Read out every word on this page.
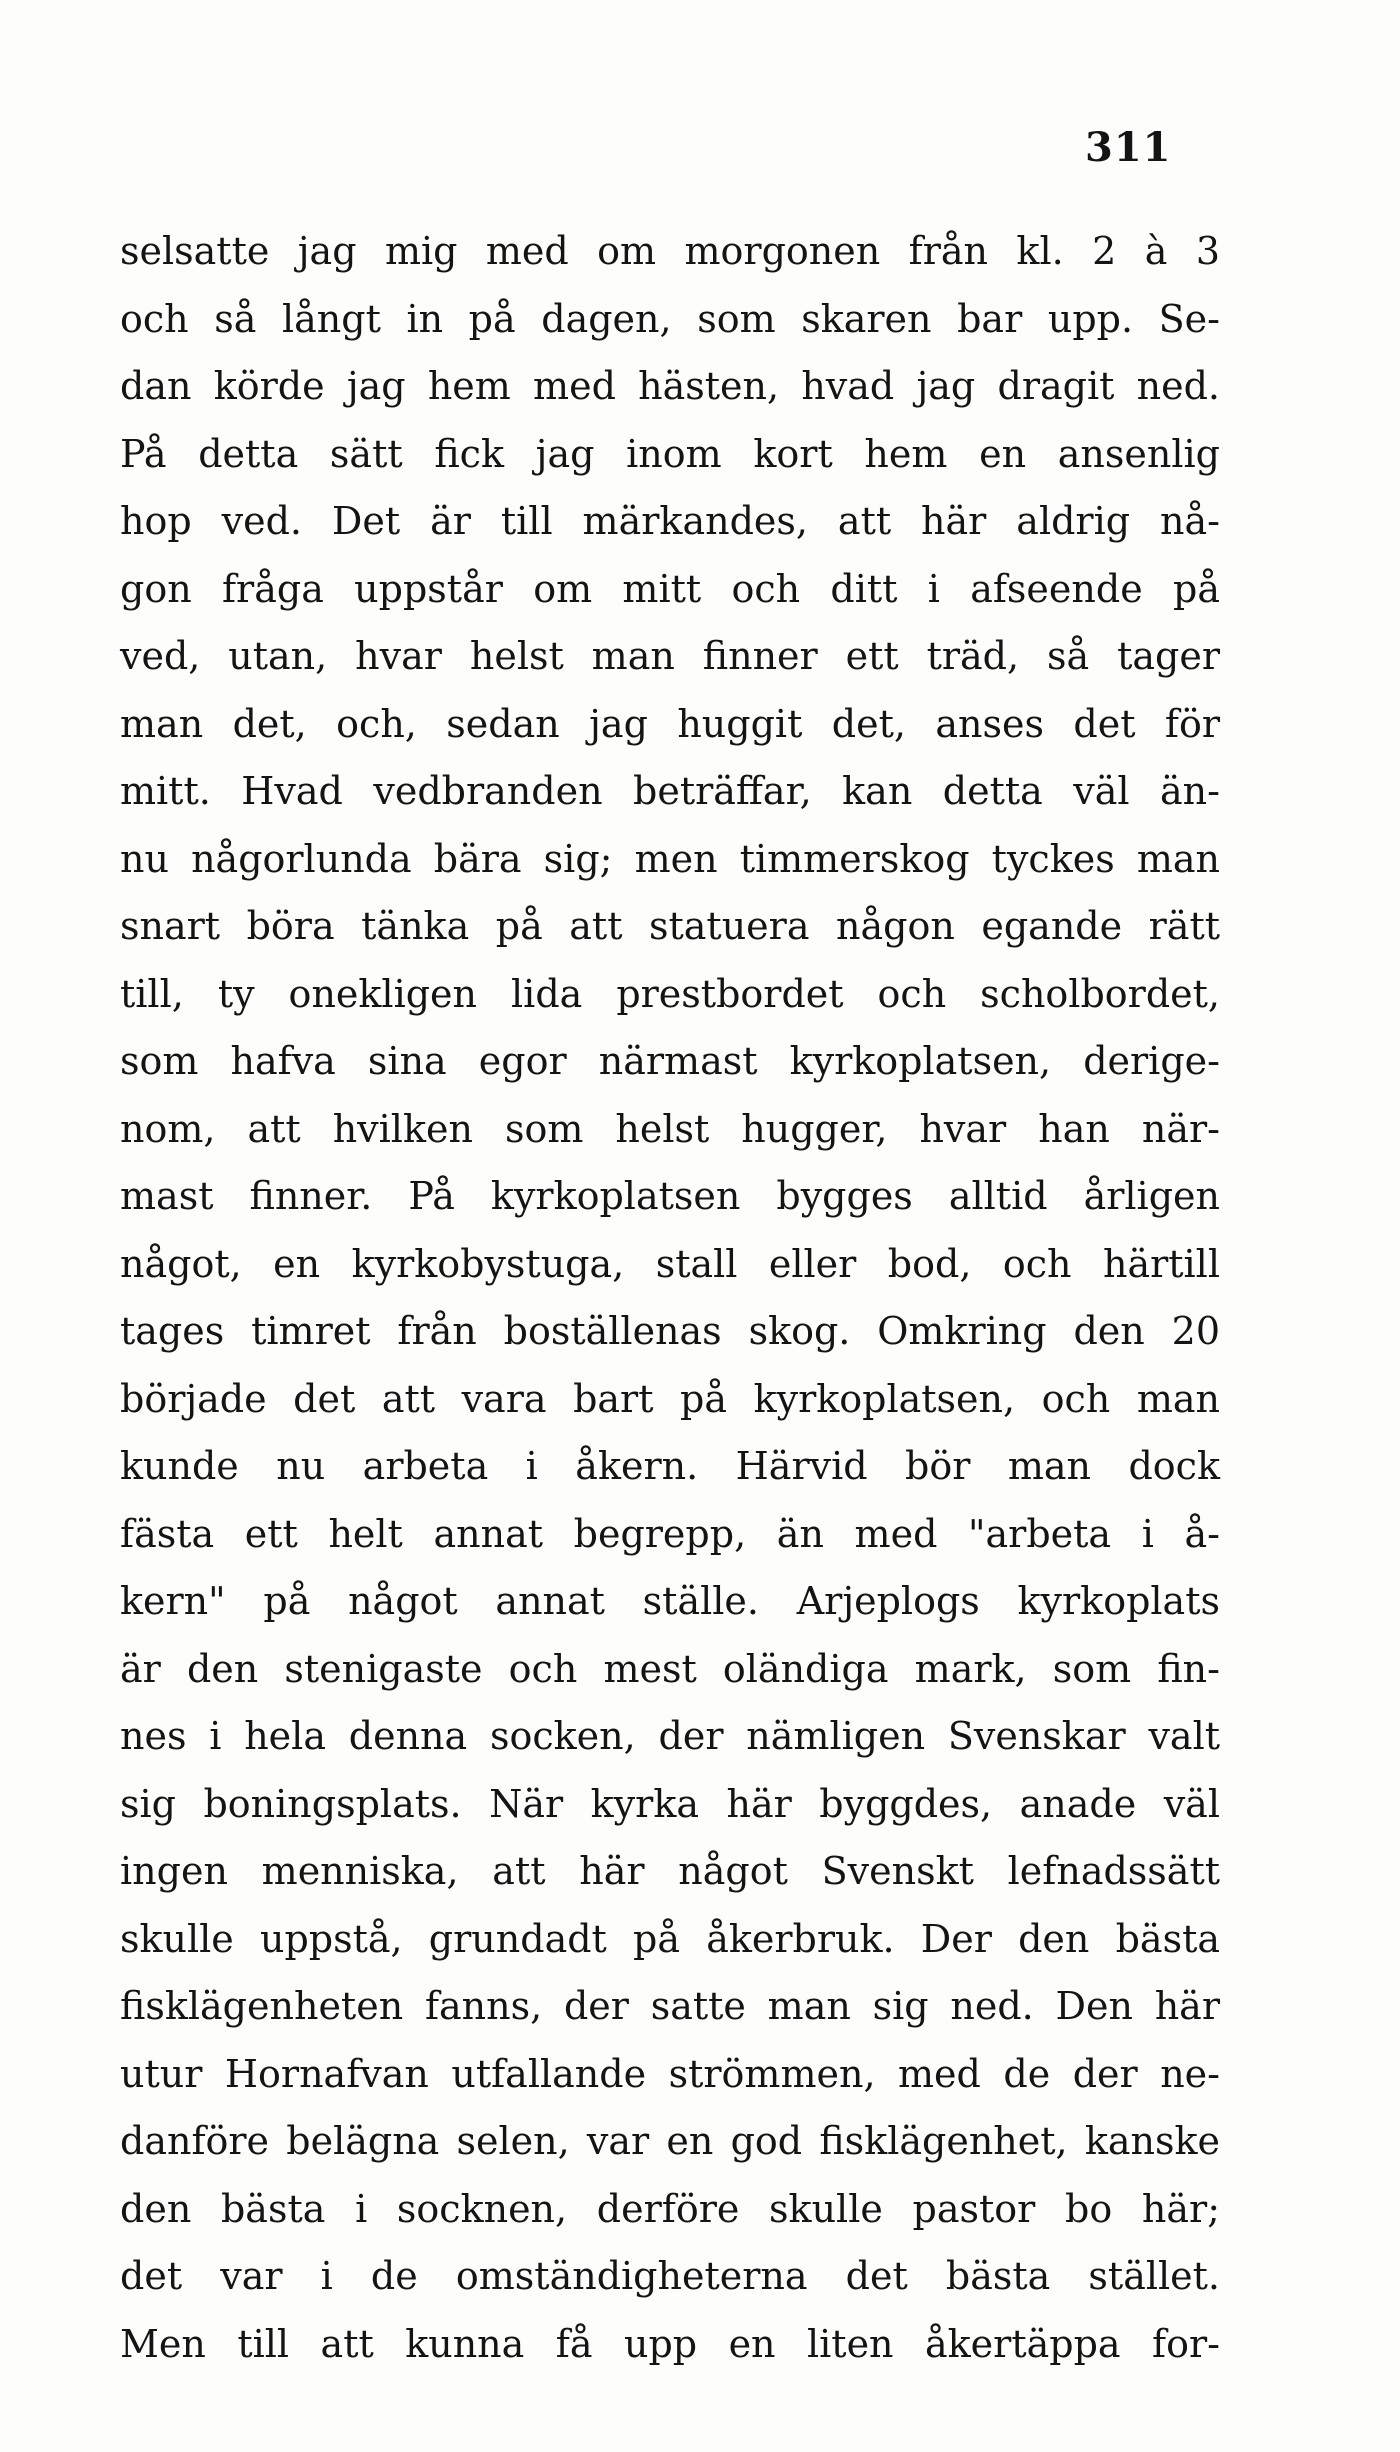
311
selsatte jag mig med om morgonen från kl. 2 à 3
och så långt in på dagen, som skaren bar upp. Se-
dan körde jag hem med hästen, hvad jag dragit ned.
På detta sätt fick jag inom kort hem en ansenlig
hop ved. Det är till märkandes, att här aldrig nå-
gon fråga uppstår om mitt och ditt i afseende på
ved, utan, hvar helst man finner ett träd, så tager
man det, och, sedan jag huggit det, anses det för
mitt. Hvad vedbranden beträffar, kan detta väl än-
nu någorlunda bära sig; men timmerskog tyckes man
snart böra tänka på att statuera någon egande rätt
till, ty onekligen lida prestbordet och scholbordet,
som hafva sina egor närmast kyrkoplatsen, derige-
nom, att hvilken som helst hugger, hvar han när-
mast finner. På kyrkoplatsen bygges alltid årligen
något, en kyrkobystuga, stall eller bod, och härtill
tages timret från boställenas skog. Omkring den 20
började det att vara bart på kyrkoplatsen, och man
kunde nu arbeta i åkern. Härvid bör man dock
fästa ett helt annat begrepp, än med "arbeta i å-
kern" på något annat ställe. Arjeplogs kyrkoplats
är den stenigaste och mest oländiga mark, som fin-
nes i hela denna socken, der nämligen Svenskar valt
sig boningsplats. När kyrka här byggdes, anade väl
ingen menniska, att här något Svenskt lefnadssätt
skulle uppstå, grundadt på åkerbruk. Der den bästa
fisklägenheten fanns, der satte man sig ned. Den här
utur Hornafvan utfallande strömmen, med de der ne-
danföre belägna selen, var en god fisklägenhet, kanske
den bästa i socknen, derföre skulle pastor bo här;
det var i de omständigheterna det bästa stället.
Men till att kunna få upp en liten åkertäppa for-
